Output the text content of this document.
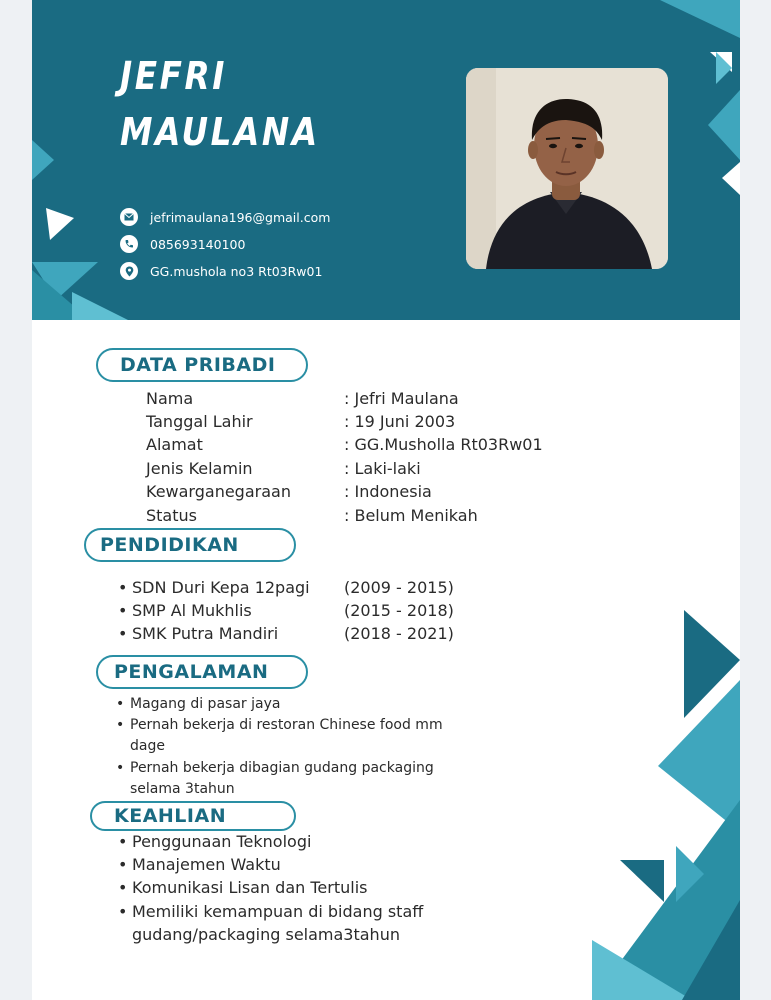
JEFRI
MAULANA
jefrimaulana196@gmail.com
085693140100
GG.mushola no3 Rt03Rw01
DATA PRIBADI
Nama	: Jefri Maulana
Tanggal Lahir	: 19 Juni 2003
Alamat	: GG.Musholla Rt03Rw01
Jenis Kelamin	: Laki-laki
Kewarganegaraan	: Indonesia
Status	: Belum Menikah
PENDIDIKAN
• SDN Duri Kepa 12pagi (2009 - 2015)
• SMP Al Mukhlis	(2015 - 2018)
• SMK Putra Mandiri	(2018 - 2021)
PENGALAMAN
• Magang di pasar jaya
• Pernah bekerja di restoran Chinese food mm
dage
• Pernah bekerja dibagian gudang packaging
selama 3tahun
KEAHLIAN
• Penggunaan Teknologi
• Manajemen Waktu
• Komunikasi Lisan dan Tertulis
• Memiliki kemampuan di bidang staff
gudang/packaging selama3tahun
